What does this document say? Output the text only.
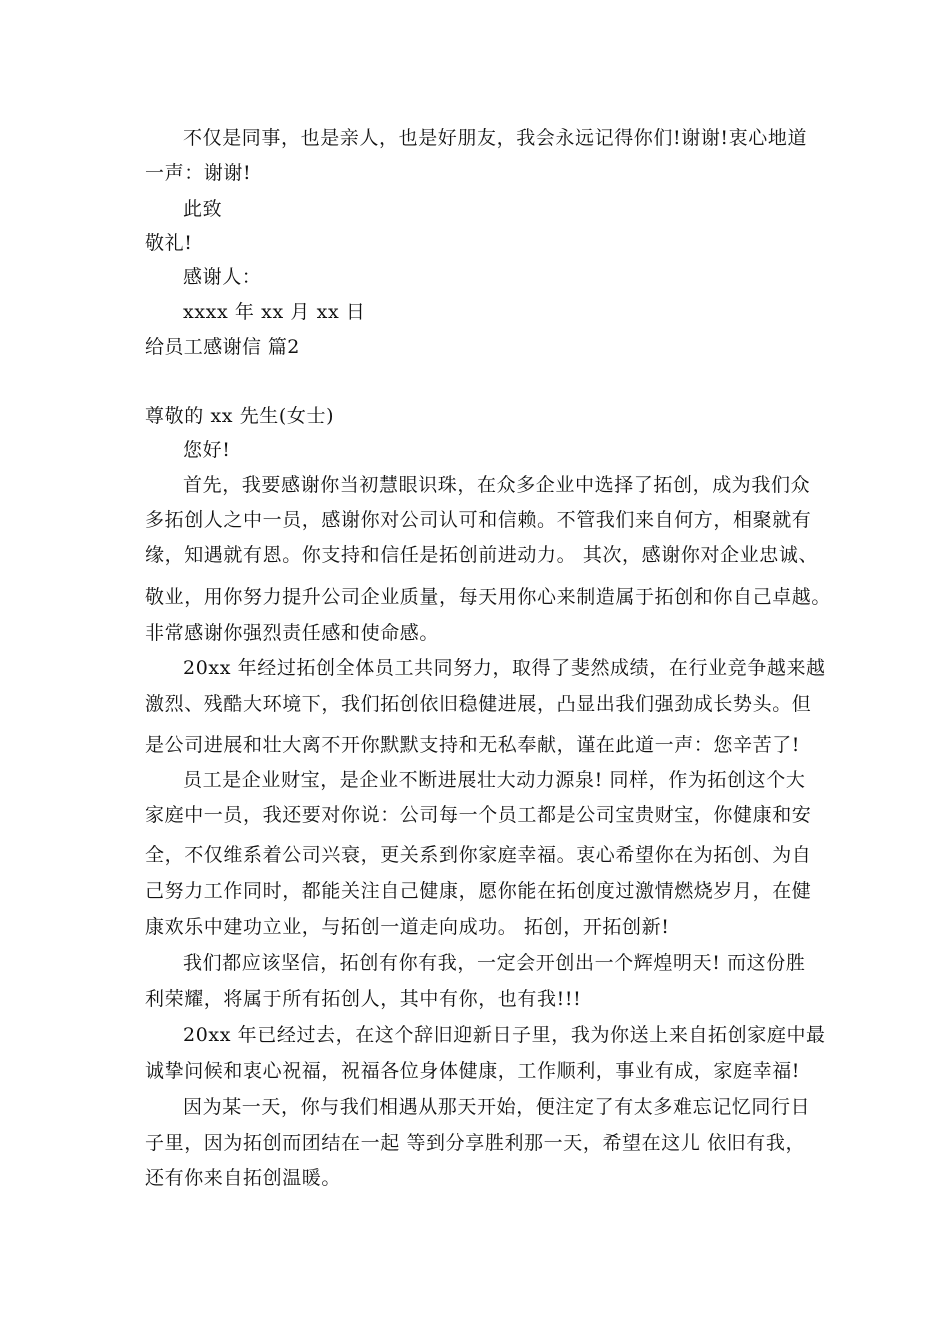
不仅是同事，也是亲人，也是好朋友，我会永远记得你们!谢谢!衷心地道
一声：谢谢!
此致
敬礼!
感谢人：
xxxx 年 xx 月 xx 日
给员工感谢信 篇2
尊敬的 xx 先生(女士)
您好!
首先，我要感谢你当初慧眼识珠，在众多企业中选择了拓创，成为我们众
多拓创人之中一员，感谢你对公司认可和信赖。不管我们来自何方，相聚就有
缘，知遇就有恩。你支持和信任是拓创前进动力。 其次，感谢你对企业忠诚、
敬业，用你努力提升公司企业质量，每天用你心来制造属于拓创和你自己卓越。
非常感谢你强烈责任感和使命感。
20xx 年经过拓创全体员工共同努力，取得了斐然成绩，在行业竞争越来越
激烈、残酷大环境下，我们拓创依旧稳健进展，凸显出我们强劲成长势头。但
是公司进展和壮大离不开你默默支持和无私奉献，谨在此道一声：您辛苦了!
员工是企业财宝，是企业不断进展壮大动力源泉! 同样，作为拓创这个大
家庭中一员，我还要对你说：公司每一个员工都是公司宝贵财宝，你健康和安
全，不仅维系着公司兴衰，更关系到你家庭幸福。衷心希望你在为拓创、为自
己努力工作同时，都能关注自己健康，愿你能在拓创度过激情燃烧岁月，在健
康欢乐中建功立业，与拓创一道走向成功。 拓创，开拓创新!
我们都应该坚信，拓创有你有我，一定会开创出一个辉煌明天! 而这份胜
利荣耀，将属于所有拓创人，其中有你，也有我!!!
20xx 年已经过去，在这个辞旧迎新日子里，我为你送上来自拓创家庭中最
诚挚问候和衷心祝福，祝福各位身体健康，工作顺利，事业有成，家庭幸福!
因为某一天，你与我们相遇从那天开始，便注定了有太多难忘记忆同行日
子里，因为拓创而团结在一起 等到分享胜利那一天，希望在这儿 依旧有我，
还有你来自拓创温暖。
